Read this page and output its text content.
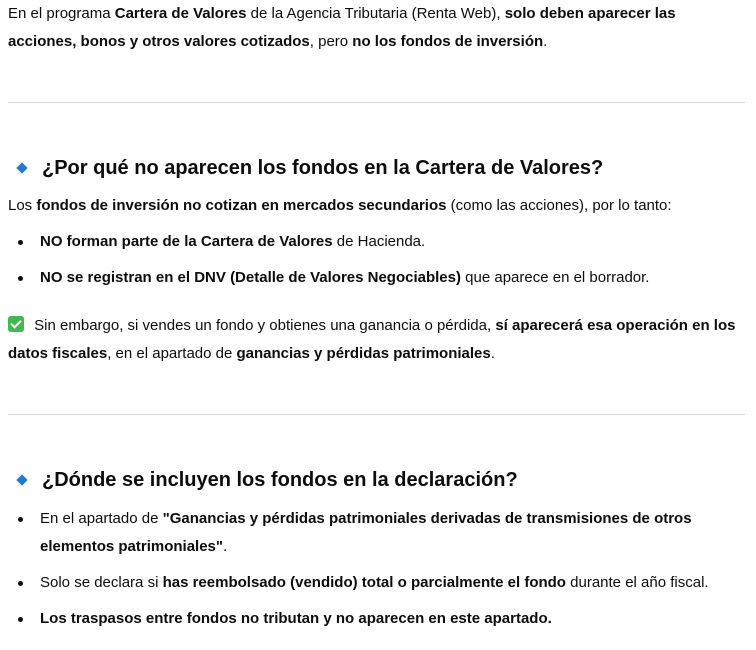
En el programa Cartera de Valores de la Agencia Tributaria (Renta Web), solo deben aparecer las acciones, bonos y otros valores cotizados, pero no los fondos de inversión.

¿Por qué no aparecen los fondos en la Cartera de Valores?

Los fondos de inversión no cotizan en mercados secundarios (como las acciones), por lo tanto:

NO forman parte de la Cartera de Valores de Hacienda.
NO se registran en el DNV (Detalle de Valores Negociables) que aparece en el borrador.

Sin embargo, si vendes un fondo y obtienes una ganancia o pérdida, sí aparecerá esa operación en los datos fiscales, en el apartado de ganancias y pérdidas patrimoniales.

¿Dónde se incluyen los fondos en la declaración?
En el apartado de "Ganancias y pérdidas patrimoniales derivadas de transmisiones de otros elementos patrimoniales".
Solo se declara si has reembolsado (vendido) total o parcialmente el fondo durante el año fiscal.
Los traspasos entre fondos no tributan y no aparecen en este apartado.
